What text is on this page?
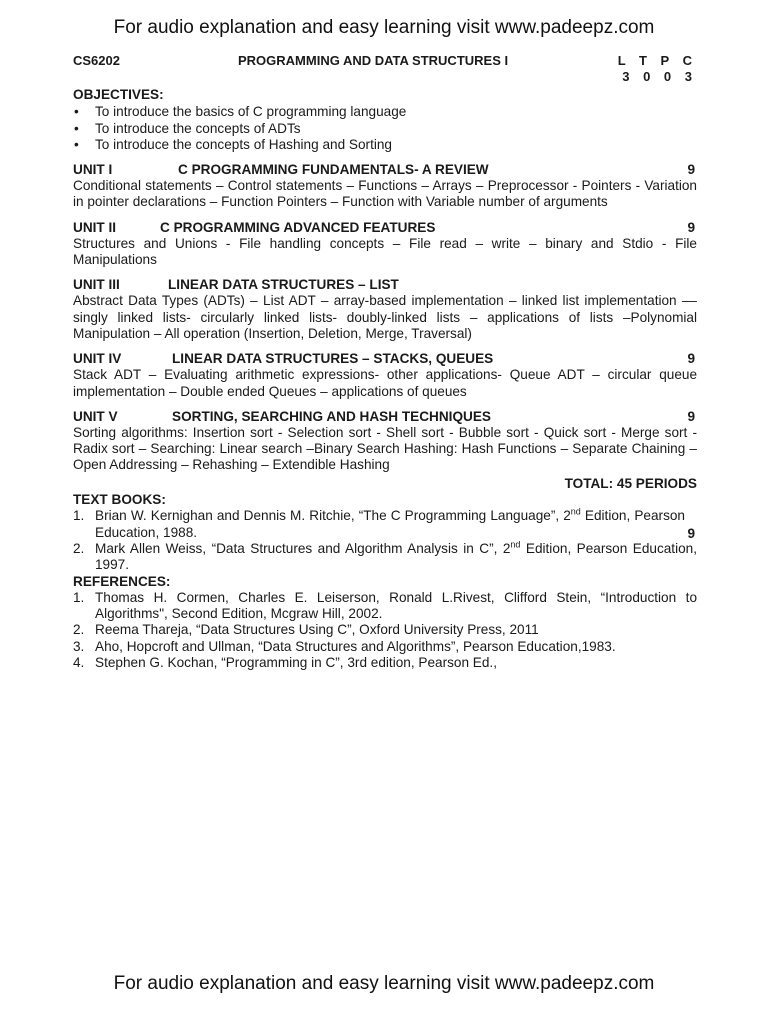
For audio explanation and easy learning visit www.padeepz.com
CS6202	PROGRAMMING AND DATA STRUCTURES I	L T P C
3 0 0 3
OBJECTIVES:
• To introduce the basics of C programming language
• To introduce the concepts of ADTs
• To introduce the concepts of Hashing and Sorting
UNIT I	C PROGRAMMING FUNDAMENTALS- A REVIEW	9
Conditional statements – Control statements – Functions – Arrays – Preprocessor - Pointers - Variation in pointer declarations – Function Pointers – Function with Variable number of arguments
UNIT II	C PROGRAMMING ADVANCED FEATURES	9
Structures and Unions - File handling concepts – File read – write – binary and Stdio - File Manipulations
UNIT III	LINEAR DATA STRUCTURES – LIST
Abstract Data Types (ADTs) – List ADT – array-based implementation – linked list implementation –– singly linked lists- circularly linked lists- doubly-linked lists – applications of lists –Polynomial Manipulation – All operation (Insertion, Deletion, Merge, Traversal)
UNIT IV	LINEAR DATA STRUCTURES – STACKS, QUEUES	9
Stack ADT – Evaluating arithmetic expressions- other applications- Queue ADT – circular queue implementation – Double ended Queues – applications of queues
UNIT V	SORTING, SEARCHING AND HASH TECHNIQUES	9
Sorting algorithms: Insertion sort - Selection sort - Shell sort - Bubble sort - Quick sort - Merge sort - Radix sort – Searching: Linear search –Binary Search Hashing: Hash Functions – Separate Chaining – Open Addressing – Rehashing – Extendible Hashing
TOTAL: 45 PERIODS
TEXT BOOKS:
9
1. Brian W. Kernighan and Dennis M. Ritchie, “The C Programming Language”, 2nd Edition, Pearson Education, 1988.
2. Mark Allen Weiss, “Data Structures and Algorithm Analysis in C”, 2nd Edition, Pearson Education, 1997.
REFERENCES:
1. Thomas H. Cormen, Charles E. Leiserson, Ronald L.Rivest, Clifford Stein, “Introduction to Algorithms", Second Edition, Mcgraw Hill, 2002.
2. Reema Thareja, “Data Structures Using C”, Oxford University Press, 2011
3. Aho, Hopcroft and Ullman, “Data Structures and Algorithms”, Pearson Education,1983.
4. Stephen G. Kochan, “Programming in C”, 3rd edition, Pearson Ed.,
For audio explanation and easy learning visit www.padeepz.com
